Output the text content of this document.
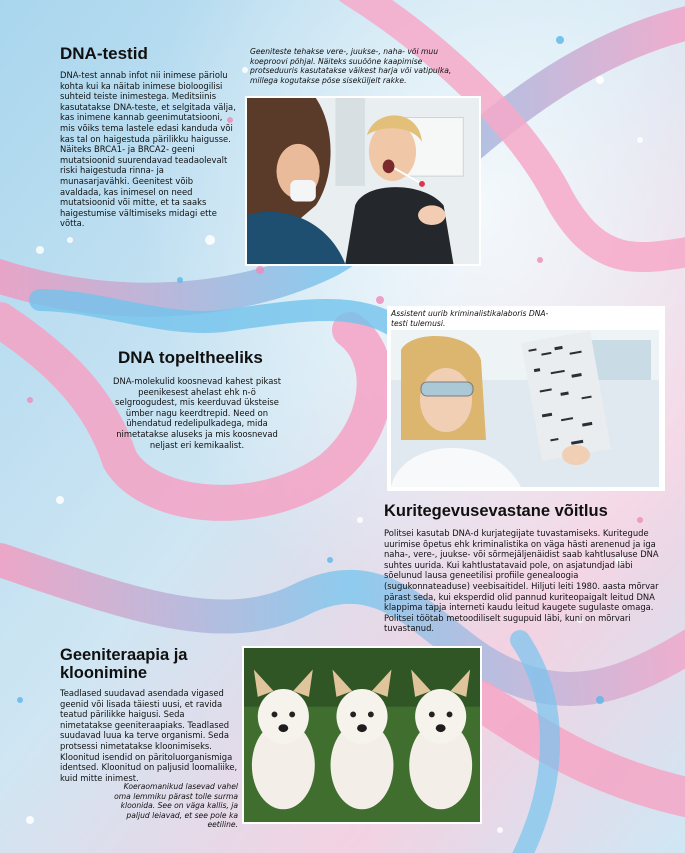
DNA-testid

DNA-test annab infot nii inimese päriolu kohta kui ka näitab inimese bioloogilisi suhteid teiste inimestega. Meditsiinis kasutatakse DNA-teste, et selgitada välja, kas inimene kannab geenimutatsiooni, mis võiks tema lastele edasi kanduda või kas tal on haigestuda pärilikku haigusse. Näiteks BRCA1- ja BRCA2- geeni mutatsioonid suurendavad teadaolevalt riski haigestuda rinna- ja munasarjavähki. Geenitest võib avaldada, kas inimesel on need mutatsioonid või mitte, et ta saaks haigestumise vältimiseks midagi ette võtta.

Geeniteste tehakse vere-, juukse-, naha- või muu koeproovi põhjal. Näiteks suuõõne kaapimise protseduuris kasutatakse väikest harja või vatipulka, millega kogutakse põse siseküljelt rakke.

DNA topeltheeliks

DNA-molekulid koosnevad kahest pikast peenikesest ahelast ehk n-ö selgroogudest, mis keerduvad üksteise ümber nagu keerdtrepid. Need on ühendatud redelipulkadega, mida nimetatakse aluseks ja mis koosnevad neljast eri kemikaalist.

Assistent uurib kriminalistikalaboris DNA-testi tulemusi.

Kuritegevusevastane võitlus

Politsei kasutab DNA-d kurjategijate tuvastamiseks. Kuritegude uurimise õpetus ehk kriminalistika on väga hästi arenenud ja iga naha-, vere-, juukse- või sõrmejäljenäidist saab kahtlusaluse DNA suhtes uurida. Kui kahtlustatavaid pole, on asjatundjad läbi sõelunud lausa geneetilisi profiile genealoogia (sugukonnateaduse) veebisaitidel. Hiljuti leiti 1980. aasta mõrvar pärast seda, kui eksperdid olid pannud kuriteopaigalt leitud DNA klappima tapja interneti kaudu leitud kaugete sugulaste omaga. Politsei töötab metoodiliselt sugupuid läbi, kuni on mõrvari tuvastanud.

Geeniteraapia ja kloonimine

Teadlased suudavad asendada vigased geenid või lisada täiesti uusi, et ravida teatud pärilikke haigusi. Seda nimetatakse geeniteraapiaks. Teadlased suudavad luua ka terve organismi. Seda protsessi nimetatakse kloonimiseks. Kloonitud isendid on päritoluorganismiga identsed. Kloonitud on paljusid loomaliike, kuid mitte inimest.

Koeraomanikud lasevad vahel oma lemmiku pärast tolle surma kloonida. See on väga kallis, ja paljud leiavad, et see pole ka eetiline.
